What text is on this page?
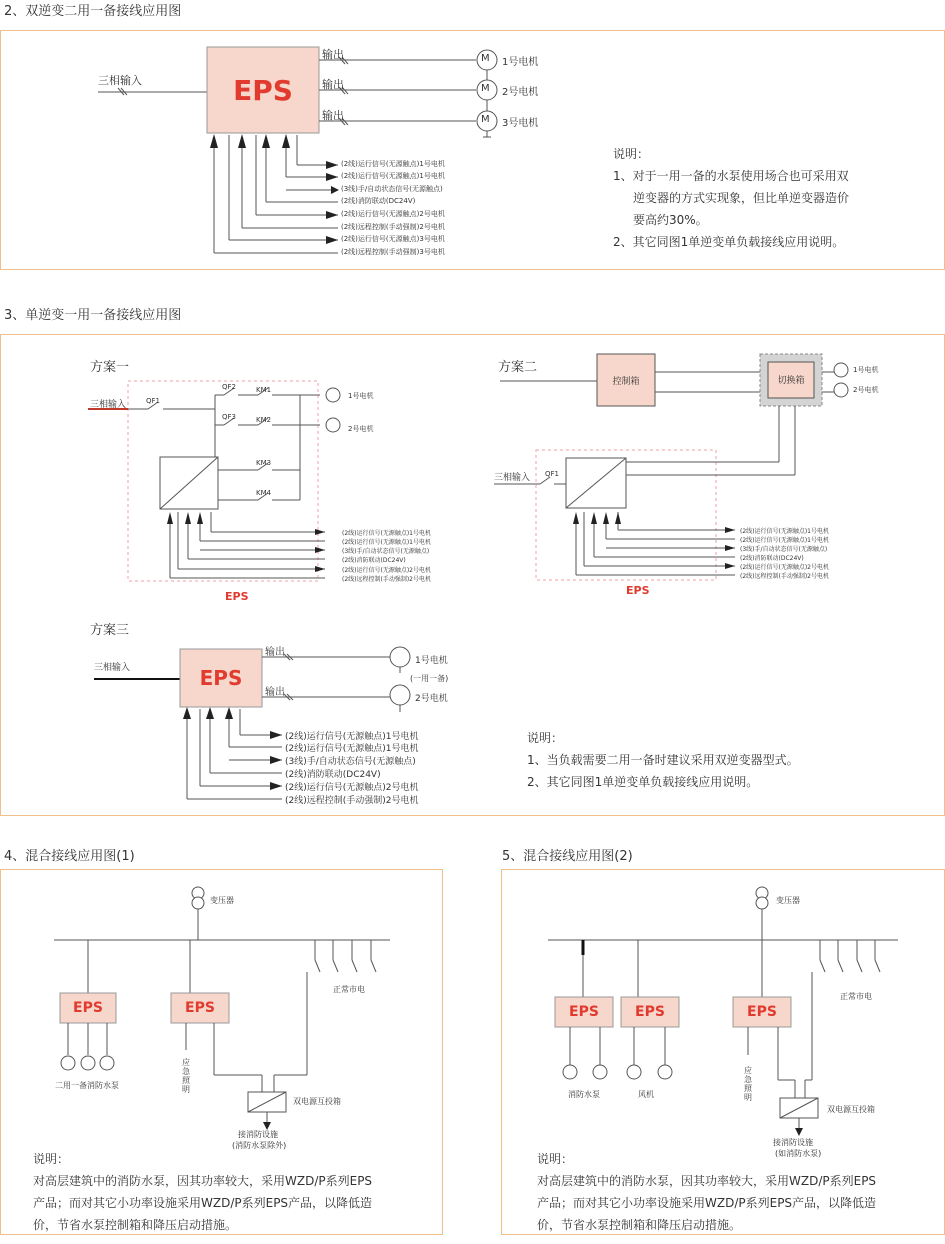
2、双逆变二用一备接线应用图
三相输入	EPS
输出
输出
输出
M
M
M
1号电机
2号电机
3号电机
(2线)运行信号(无源触点)1号电机
(2线)运行信号(无源触点)1号电机
(3线)手/自动状态信号(无源触点)
(2线)消防联动(DC24V)
(2线)运行信号(无源触点)2号电机
(2线)远程控制(手动强制)2号电机
(2线)运行信号(无源触点)3号电机
(2线)远程控制(手动强制)3号电机

说明：

1、对于一用一备的水泵使用场合也可采用双

逆变器的方式实现象，但比单逆变器造价

要高约30%。

2、其它同图1单逆变单负载接线应用说明。

3、单逆变一用一备接线应用图
方案一	方案二
方案三
三相输入	QF1
QF2
QF3
KM1
KM2
KM3
KM4
1号电机
2号电机
(2线)运行信号(无源触点)1号电机
(2线)运行信号(无源触点)1号电机
(3线)手/自动状态信号(无源触点)
(2线)消防联动(DC24V)
(2线)运行信号(无源触点)2号电机
(2线)远程控制(手动强制)2号电机
EPS
控制箱	切换箱
1号电机
2号电机
三相输入 QF1
(2线)运行信号(无源触点)1号电机
(2线)运行信号(无源触点)1号电机
(3线)手/自动状态信号(无源触点)
(2线)消防联动(DC24V)
(2线)运行信号(无源触点)2号电机
(2线)远程控制(手动强制)2号电机
EPS
三相输入	EPS
输出
输出
1号电机
(一用一备)
2号电机
(2线)运行信号(无源触点)1号电机
(2线)运行信号(无源触点)1号电机
(3线)手/自动状态信号(无源触点)
(2线)消防联动(DC24V)
(2线)运行信号(无源触点)2号电机
(2线)远程控制(手动强制)2号电机

说明：

1、当负载需要二用一备时建议采用双逆变器型式。

2、其它同图1单逆变单负载接线应用说明。

4、混合接线应用图(1)
变压器
正常市电
EPS	EPS
二用一备消防水泵
应急照明
双电源互投箱
接消防设施
(消防水泵除外)

说明：

对高层建筑中的消防水泵，因其功率较大，采用WZD/P系列EPS

产品；而对其它小功率设施采用WZD/P系列EPS产品，以降低造

价，节省水泵控制箱和降压启动措施。

5、混合接线应用图(2)
变压器
正常市电
EPS	EPS	EPS
消防水泵	风机
应急照明
双电源互投箱
接消防设施
(如消防水泵)

说明：

对高层建筑中的消防水泵，因其功率较大，采用WZD/P系列EPS

产品；而对其它小功率设施采用WZD/P系列EPS产品，以降低造

价，节省水泵控制箱和降压启动措施。
